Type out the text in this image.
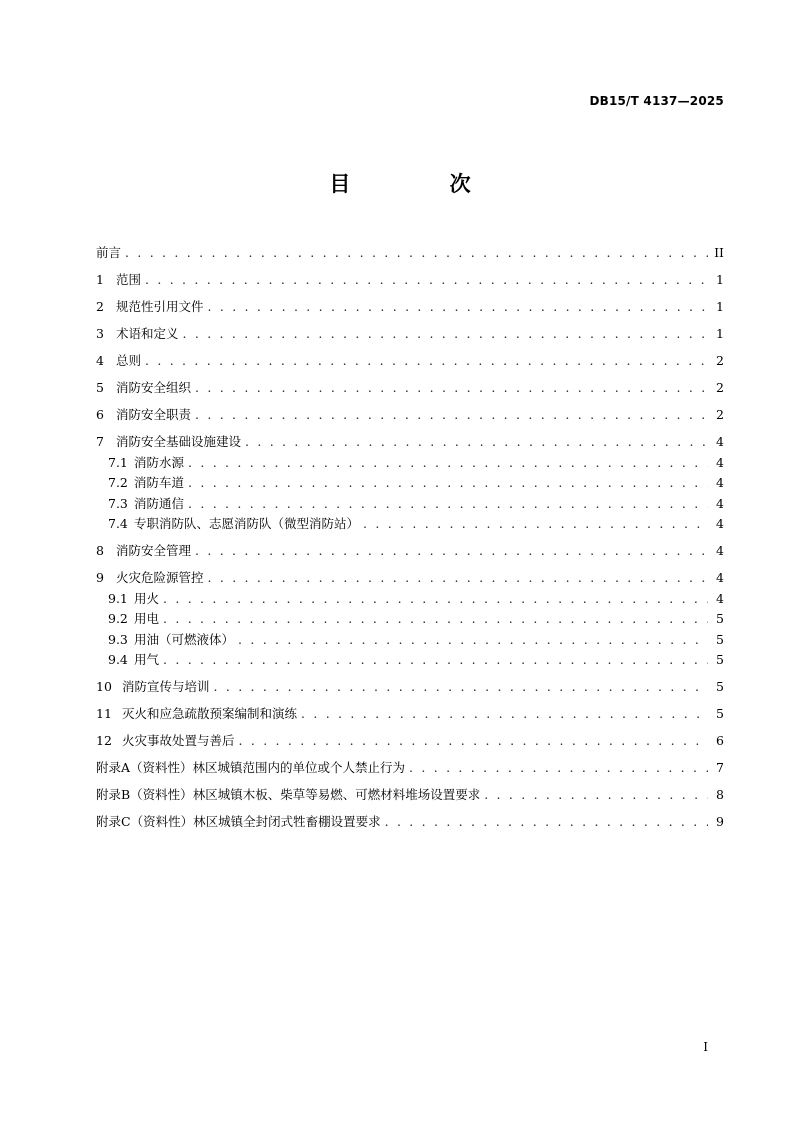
DB15/T 4137—2025
目 次
前言 . . .	II
1 范围 . . .	1
2 规范性引用文件 . . .	1
3 术语和定义 . . .	1
4 总则 . . .	2
5 消防安全组织 . . .	2
6 消防安全职责 . . .	2
7 消防安全基础设施建设 . . .	4
7.1 消防水源 . . .	4
7.2 消防车道 . . .	4
7.3 消防通信 . . .	4
7.4 专职消防队、志愿消防队（微型消防站） . . .	4
8 消防安全管理 . . .	4
9 火灾危险源管控 . . .	4
9.1 用火 . . .	4
9.2 用电 . . .	5
9.3 用油（可燃液体） . . .	5
9.4 用气 . . .	5
10 消防宣传与培训 . . .	5
11 灭火和应急疏散预案编制和演练 . . .	5
12 火灾事故处置与善后 . . .	6
附录A（资料性） 林区城镇范围内的单位或个人禁止行为 . . .	7
附录B（资料性） 林区城镇木板、柴草等易燃、可燃材料堆场设置要求 . . .	8
附录C（资料性） 林区城镇全封闭式牲畜棚设置要求 . . .	9
I
